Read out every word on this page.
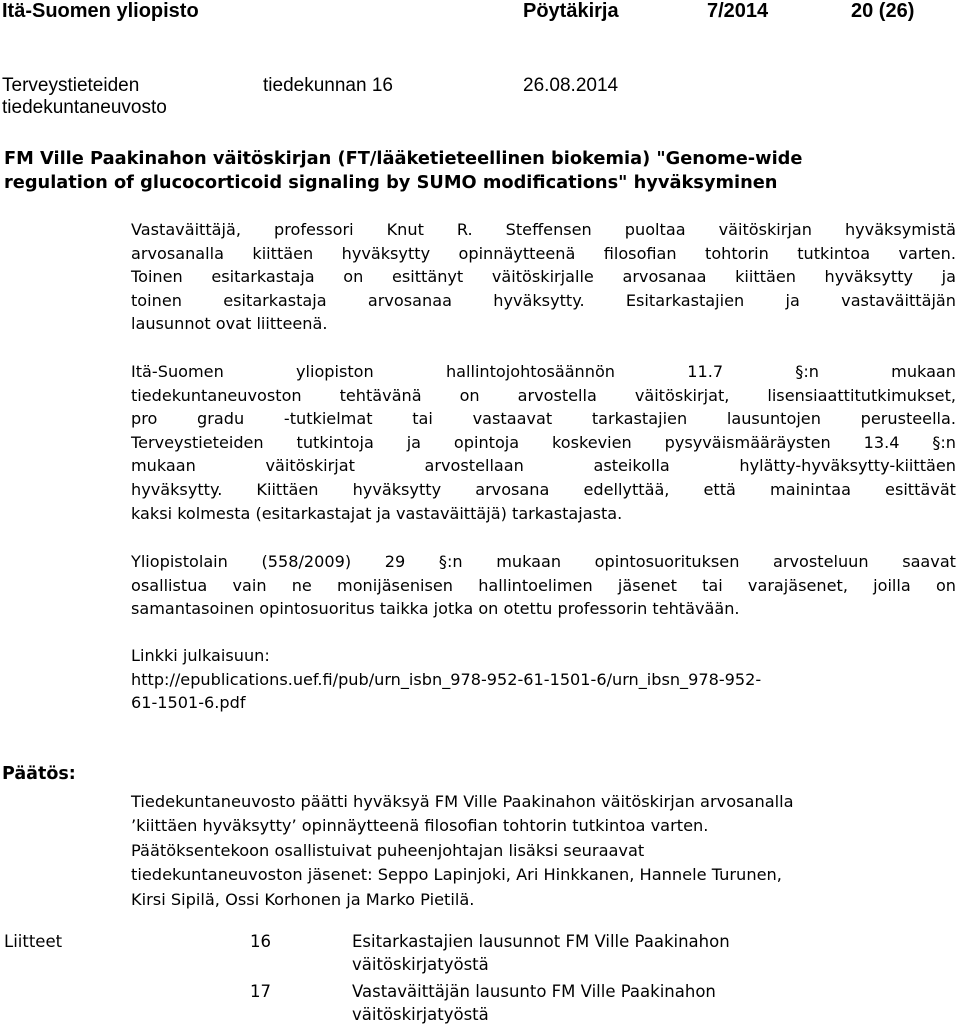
Itä-Suomen yliopisto	Pöytäkirja	7/2014	20 (26)
Terveystieteiden
tiedekuntaneuvosto
tiedekunnan 16	26.08.2014
FM Ville Paakinahon väitöskirjan (FT/lääketieteellinen biokemia) "Genome-wide
regulation of glucocorticoid signaling by SUMO modifications" hyväksyminen
Vastaväittäjä, professori Knut R. Steffensen puoltaa väitöskirjan hyväksymistä
arvosanalla kiittäen hyväksytty opinnäytteenä filosofian tohtorin tutkintoa varten.
Toinen esitarkastaja on esittänyt väitöskirjalle arvosanaa kiittäen hyväksytty ja
toinen esitarkastaja arvosanaa hyväksytty. Esitarkastajien ja vastaväittäjän
lausunnot ovat liitteenä.
Itä-Suomen yliopiston hallintojohtosäännön 11.7 §:n mukaan
tiedekuntaneuvoston tehtävänä on arvostella väitöskirjat, lisensiaattitutkimukset,
pro gradu -tutkielmat tai vastaavat tarkastajien lausuntojen perusteella.
Terveystieteiden tutkintoja ja opintoja koskevien pysyväismääräysten 13.4 §:n
mukaan väitöskirjat arvostellaan asteikolla hylätty-hyväksytty-kiittäen
hyväksytty. Kiittäen hyväksytty arvosana edellyttää, että mainintaa esittävät
kaksi kolmesta (esitarkastajat ja vastaväittäjä) tarkastajasta.
Yliopistolain (558/2009) 29 §:n mukaan opintosuorituksen arvosteluun saavat
osallistua vain ne monijäsenisen hallintoelimen jäsenet tai varajäsenet, joilla on
samantasoinen opintosuoritus taikka jotka on otettu professorin tehtävään.
Linkki julkaisuun:
http://epublications.uef.fi/pub/urn_isbn_978-952-61-1501-6/urn_ibsn_978-952-
61-1501-6.pdf
Päätös:
Tiedekuntaneuvosto päätti hyväksyä FM Ville Paakinahon väitöskirjan arvosanalla
’kiittäen hyväksytty’ opinnäytteenä filosofian tohtorin tutkintoa varten.
Päätöksentekoon osallistuivat puheenjohtajan lisäksi seuraavat
tiedekuntaneuvoston jäsenet: Seppo Lapinjoki, Ari Hinkkanen, Hannele Turunen,
Kirsi Sipilä, Ossi Korhonen ja Marko Pietilä.
Liitteet	16	Esitarkastajien lausunnot FM Ville Paakinahon
väitöskirjatyöstä
17	Vastaväittäjän lausunto FM Ville Paakinahon
väitöskirjatyöstä
